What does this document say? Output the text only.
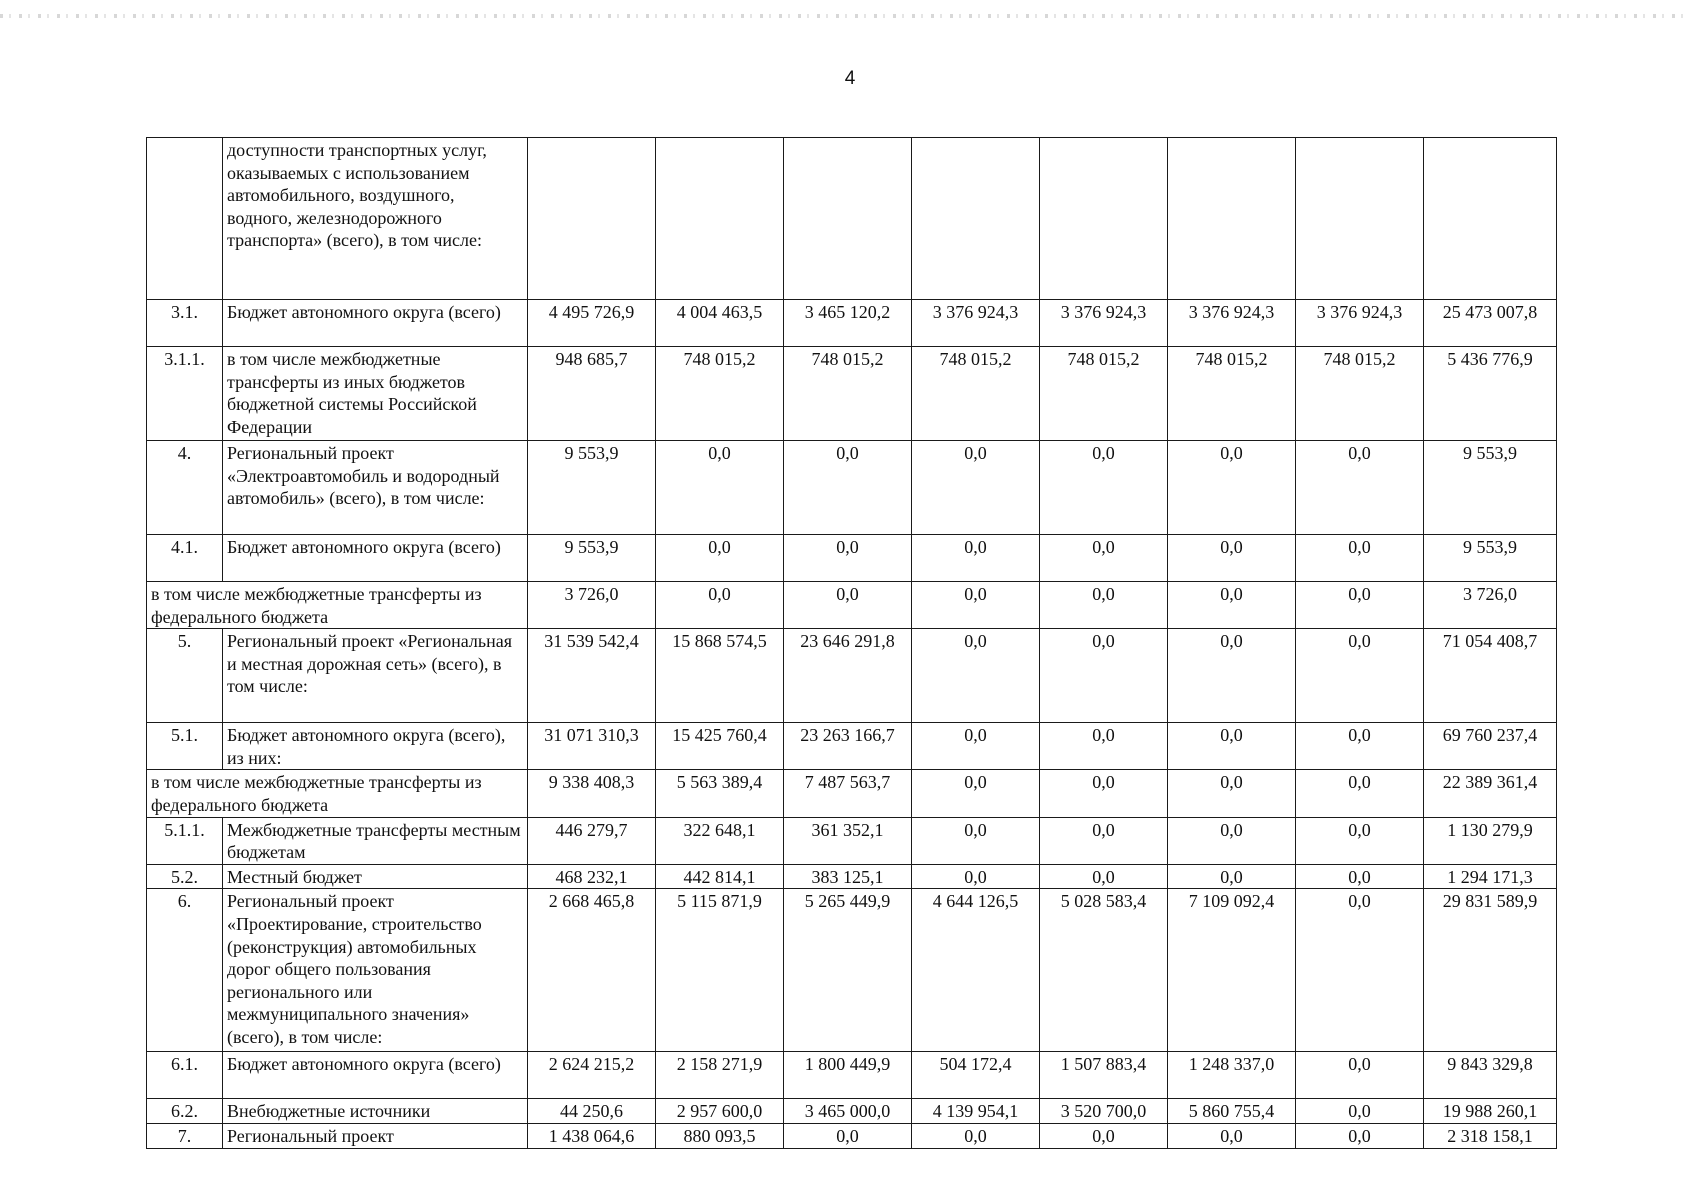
4
	доступности транспортных услуг, оказываемых с использованием автомобильного, воздушного, водного, железнодорожного транспорта» (всего), в том числе:								
3.1.	Бюджет автономного округа (всего)	4 495 726,9	4 004 463,5	3 465 120,2	3 376 924,3	3 376 924,3	3 376 924,3	3 376 924,3	25 473 007,8
3.1.1.	в том числе межбюджетные трансферты из иных бюджетов бюджетной системы Российской Федерации	948 685,7	748 015,2	748 015,2	748 015,2	748 015,2	748 015,2	748 015,2	5 436 776,9
4.	Региональный проект «Электроавтомобиль и водородный автомобиль» (всего), в том числе:	9 553,9	0,0	0,0	0,0	0,0	0,0	0,0	9 553,9
4.1.	Бюджет автономного округа (всего)	9 553,9	0,0	0,0	0,0	0,0	0,0	0,0	9 553,9
в том числе межбюджетные трансферты из федерального бюджета		3 726,0	0,0	0,0	0,0	0,0	0,0	0,0	3 726,0
5.	Региональный проект «Региональная и местная дорожная сеть» (всего), в том числе:	31 539 542,4	15 868 574,5	23 646 291,8	0,0	0,0	0,0	0,0	71 054 408,7
5.1.	Бюджет автономного округа (всего), из них:	31 071 310,3	15 425 760,4	23 263 166,7	0,0	0,0	0,0	0,0	69 760 237,4
в том числе межбюджетные трансферты из федерального бюджета		9 338 408,3	5 563 389,4	7 487 563,7	0,0	0,0	0,0	0,0	22 389 361,4
5.1.1.	Межбюджетные трансферты местным бюджетам	446 279,7	322 648,1	361 352,1	0,0	0,0	0,0	0,0	1 130 279,9
5.2.	Местный бюджет	468 232,1	442 814,1	383 125,1	0,0	0,0	0,0	0,0	1 294 171,3
6.	Региональный проект «Проектирование, строительство (реконструкция) автомобильных дорог общего пользования регионального или межмуниципального значения» (всего), в том числе:	2 668 465,8	5 115 871,9	5 265 449,9	4 644 126,5	5 028 583,4	7 109 092,4	0,0	29 831 589,9
6.1.	Бюджет автономного округа (всего)	2 624 215,2	2 158 271,9	1 800 449,9	504 172,4	1 507 883,4	1 248 337,0	0,0	9 843 329,8
6.2.	Внебюджетные источники	44 250,6	2 957 600,0	3 465 000,0	4 139 954,1	3 520 700,0	5 860 755,4	0,0	19 988 260,1
7.	Региональный проект	1 438 064,6	880 093,5	0,0	0,0	0,0	0,0	0,0	2 318 158,1
